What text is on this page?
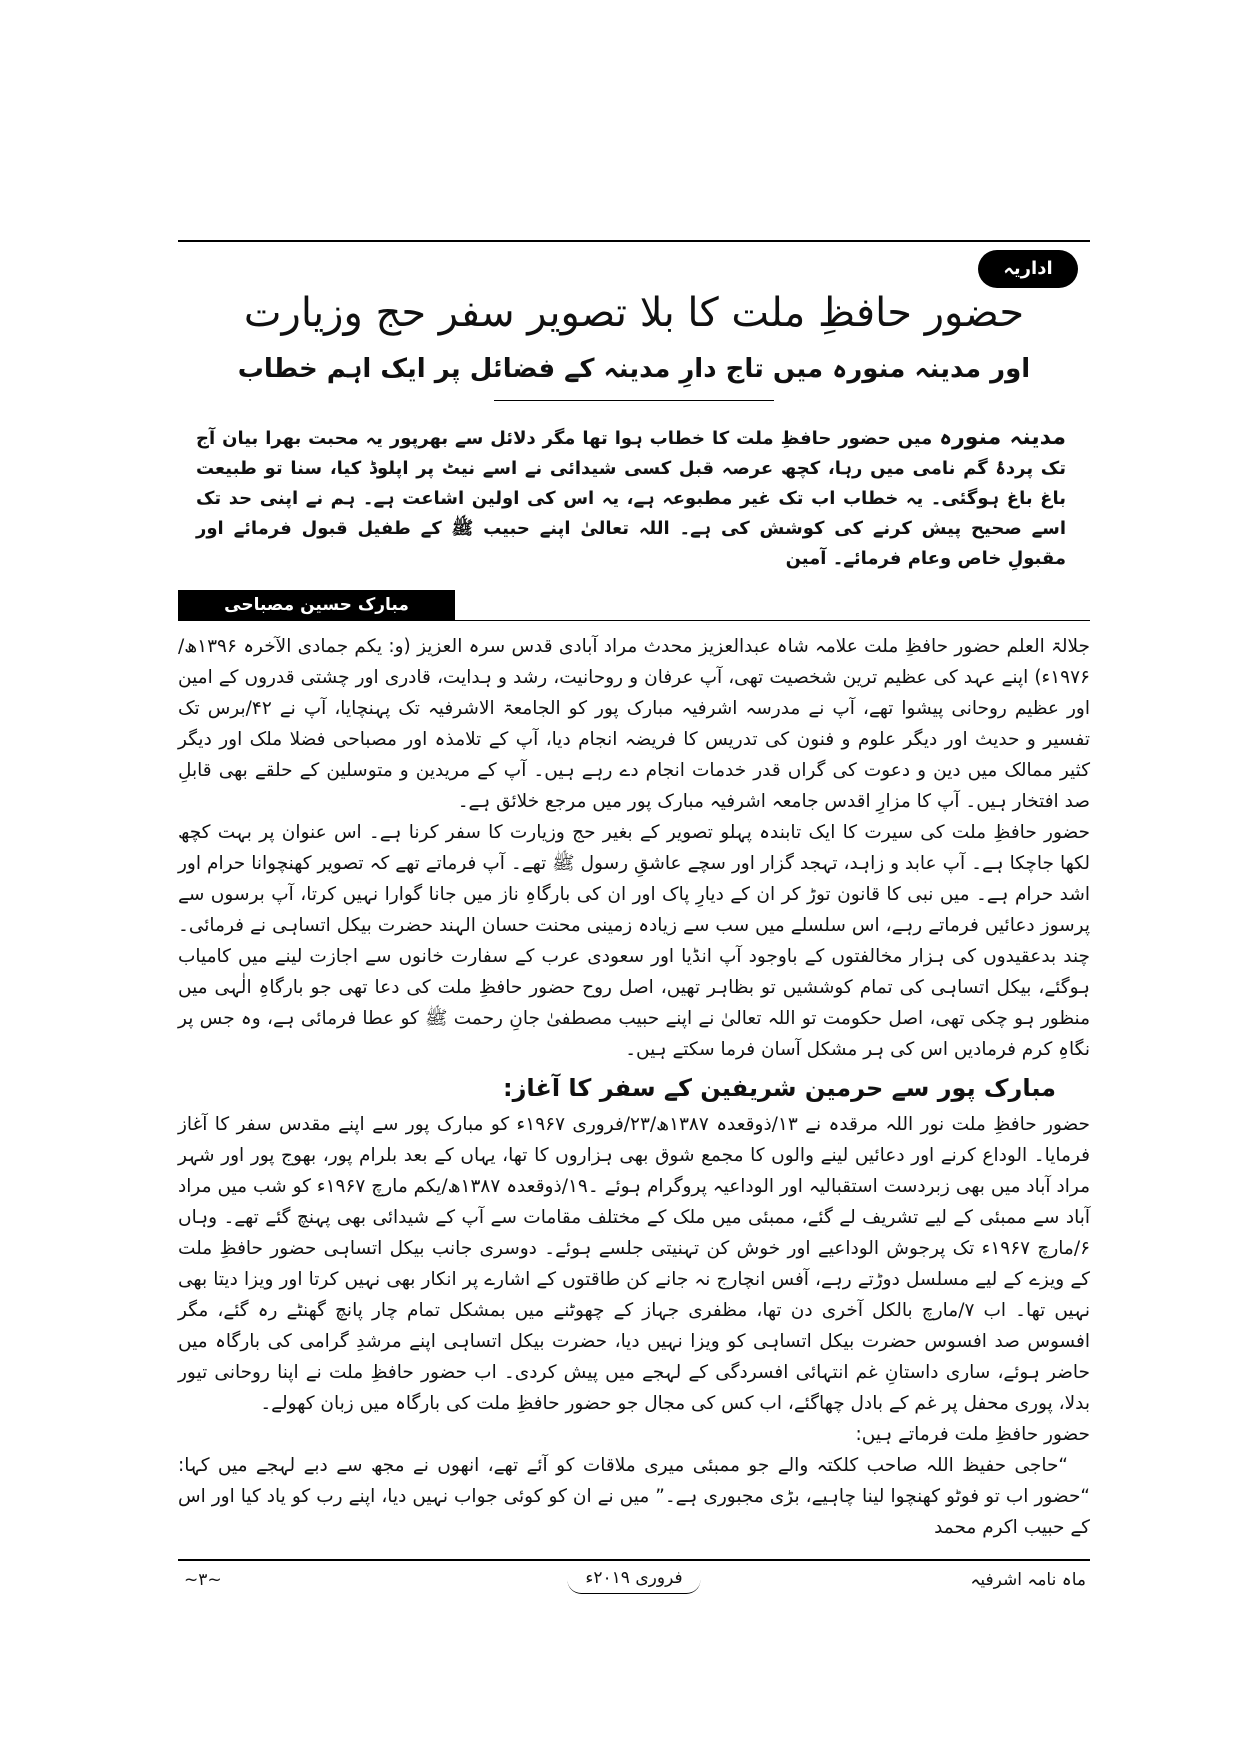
اداریہ
حضور حافظِ ملت کا بلا تصویر سفر حج وزیارت
اور مدینہ منورہ میں تاج دارِ مدینہ کے فضائل پر ایک اہم خطاب

مدینہ منورہ میں حضور حافظِ ملت کا خطاب ہوا تھا مگر دلائل سے بھرپور یہ محبت بھرا بیان آج تک پردۂ گم نامی میں رہا، کچھ عرصہ قبل کسی شیدائی نے اسے نیٹ پر اپلوڈ کیا، سنا تو طبیعت باغ باغ ہوگئی۔ یہ خطاب اب تک غیر مطبوعہ ہے، یہ اس کی اولین اشاعت ہے۔ ہم نے اپنی حد تک اسے صحیح پیش کرنے کی کوشش کی ہے۔ اللہ تعالیٰ اپنے حبیب ﷺ کے طفیل قبول فرمائے اور مقبولِ خاص وعام فرمائے۔ آمین

مبارک حسین مصباحی

جلالۃ العلم حضور حافظِ ملت علامہ شاہ عبدالعزیز محدث مراد آبادی قدس سرہ العزیز (و: یکم جمادی الآخرہ ۱۳۹۶ھ/۱۹۷۶ء) اپنے عہد کی عظیم ترین شخصیت تھی، آپ عرفان و روحانیت، رشد و ہدایت، قادری اور چشتی قدروں کے امین اور عظیم روحانی پیشوا تھے، آپ نے مدرسہ اشرفیہ مبارک پور کو الجامعۃ الاشرفیہ تک پہنچایا، آپ نے ۴۲/برس تک تفسیر و حدیث اور دیگر علوم و فنون کی تدریس کا فریضہ انجام دیا، آپ کے تلامذہ اور مصباحی فضلا ملک اور دیگر کثیر ممالک میں دین و دعوت کی گراں قدر خدمات انجام دے رہے ہیں۔ آپ کے مریدین و متوسلین کے حلقے بھی قابلِ صد افتخار ہیں۔ آپ کا مزارِ اقدس جامعہ اشرفیہ مبارک پور میں مرجع خلائق ہے۔

حضور حافظِ ملت کی سیرت کا ایک تابندہ پہلو تصویر کے بغیر حج وزیارت کا سفر کرنا ہے۔ اس عنوان پر بہت کچھ لکھا جاچکا ہے۔ آپ عابد و زاہد، تہجد گزار اور سچے عاشقِ رسول ﷺ تھے۔ آپ فرماتے تھے کہ تصویر کھنچوانا حرام اور اشد حرام ہے۔ میں نبی کا قانون توڑ کر ان کے دیارِ پاک اور ان کی بارگاہِ ناز میں جانا گوارا نہیں کرتا، آپ برسوں سے پرسوز دعائیں فرماتے رہے، اس سلسلے میں سب سے زیادہ زمینی محنت حسان الہند حضرت بیکل اتساہی نے فرمائی۔ چند بدعقیدوں کی ہزار مخالفتوں کے باوجود آپ انڈیا اور سعودی عرب کے سفارت خانوں سے اجازت لینے میں کامیاب ہوگئے، بیکل اتساہی کی تمام کوششیں تو بظاہر تھیں، اصل روح حضور حافظِ ملت کی دعا تھی جو بارگاہِ الٰہی میں منظور ہو چکی تھی، اصل حکومت تو اللہ تعالیٰ نے اپنے حبیب مصطفیٰ جانِ رحمت ﷺ کو عطا فرمائی ہے، وہ جس پر نگاہِ کرم فرمادیں اس کی ہر مشکل آسان فرما سکتے ہیں۔

مبارک پور سے حرمین شریفین کے سفر کا آغاز:

حضور حافظِ ملت نور اللہ مرقدہ نے ۱۳/ذوقعدہ ۱۳۸۷ھ/۲۳/فروری ۱۹۶۷ء کو مبارک پور سے اپنے مقدس سفر کا آغاز فرمایا۔ الوداع کرنے اور دعائیں لینے والوں کا مجمع شوق بھی ہزاروں کا تھا، یہاں کے بعد بلرام پور، بھوج پور اور شہر مراد آباد میں بھی زبردست استقبالیہ اور الوداعیہ پروگرام ہوئے ۔۱۹/ذوقعدہ ۱۳۸۷ھ/یکم مارچ ۱۹۶۷ء کو شب میں مراد آباد سے ممبئی کے لیے تشریف لے گئے، ممبئی میں ملک کے مختلف مقامات سے آپ کے شیدائی بھی پہنچ گئے تھے۔ وہاں ۶/مارچ ۱۹۶۷ء تک پرجوش الوداعیے اور خوش کن تہنیتی جلسے ہوئے۔ دوسری جانب بیکل اتساہی حضور حافظِ ملت کے ویزے کے لیے مسلسل دوڑتے رہے، آفس انچارج نہ جانے کن طاقتوں کے اشارے پر انکار بھی نہیں کرتا اور ویزا دیتا بھی نہیں تھا۔ اب ۷/مارچ بالکل آخری دن تھا، مظفری جہاز کے چھوٹنے میں بمشکل تمام چار پانچ گھنٹے رہ گئے، مگر افسوس صد افسوس حضرت بیکل اتساہی کو ویزا نہیں دیا، حضرت بیکل اتساہی اپنے مرشدِ گرامی کی بارگاہ میں حاضر ہوئے، ساری داستانِ غم انتہائی افسردگی کے لہجے میں پیش کردی۔ اب حضور حافظِ ملت نے اپنا روحانی تیور بدلا، پوری محفل پر غم کے بادل چھاگئے، اب کس کی مجال جو حضور حافظِ ملت کی بارگاہ میں زبان کھولے۔

حضور حافظِ ملت فرماتے ہیں:

“حاجی حفیظ اللہ صاحب کلکتہ والے جو ممبئی میری ملاقات کو آئے تھے، انھوں نے مجھ سے دبے لہجے میں کہا: “حضور اب تو فوٹو کھنچوا لینا چاہیے، بڑی مجبوری ہے۔” میں نے ان کو کوئی جواب نہیں دیا، اپنے رب کو یاد کیا اور اس کے حبیب اکرم محمد

ماہ نامہ اشرفیہ
فروری ۲۰۱۹ء
~۳~
